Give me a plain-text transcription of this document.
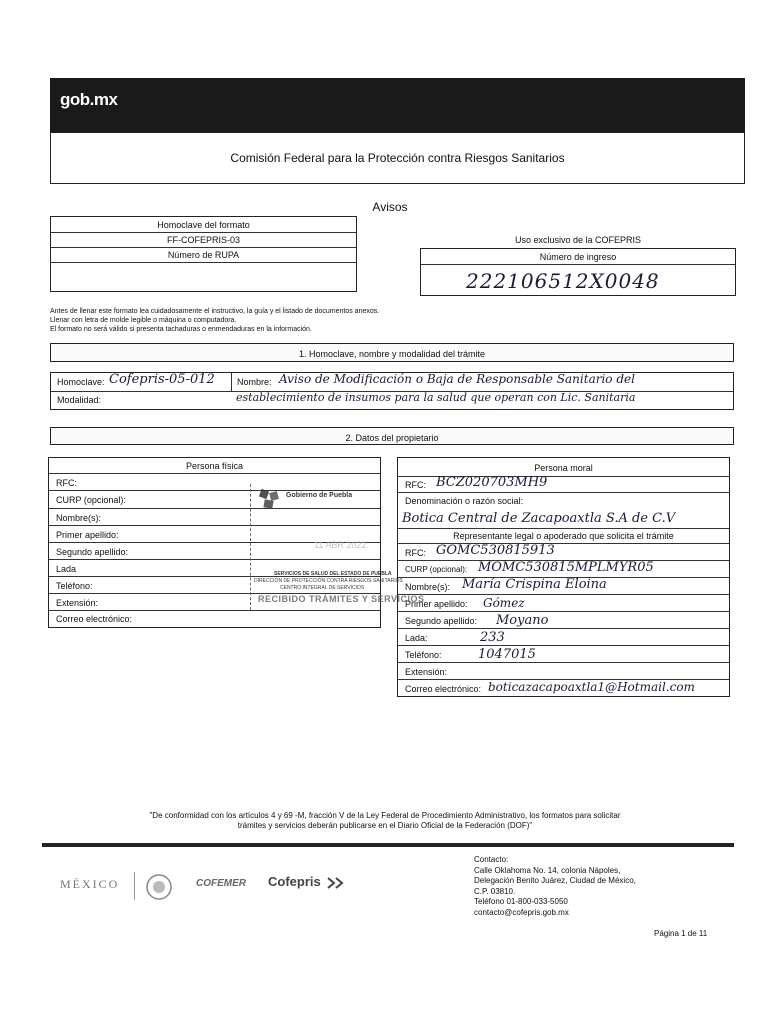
gob.mx
Comisión Federal para la Protección contra Riesgos Sanitarios
Avisos
Homoclave del formato
FF-COFEPRIS-03
Número de RUPA
Uso exclusivo de la COFEPRIS
Número de ingreso
222106512X0048
Antes de llenar este formato lea cuidadosamente el instructivo, la guía y el listado de documentos anexos.
Llenar con letra de molde legible o máquina o computadora.
El formato no será válido si presenta tachaduras o enmendaduras en la información.
1. Homoclave, nombre y modalidad del trámite
Homoclave: Cofepris-05-012 Nombre: Aviso de Modificación o Baja de Responsable Sanitario del
Modalidad:	establecimiento de insumos para la salud que operan con Lic. Sanitaria
2. Datos del propietario
Persona física
RFC:
CURP (opcional):
Nombre(s):
Primer apellido:
Segundo apellido:
Lada
Teléfono:
Extensión:
Correo electrónico:
Persona moral
RFC: BCZ020703MH9
Denominación o razón social:
Botica Central de Zacapoaxtla S.A de C.V
Representante legal o apoderado que solicita el trámite
RFC: GOMC530815913
CURP (opcional): MOMC530815MPLMYR05
Nombre(s): María Crispina Eloina
Primer apellido: Gómez
Segundo apellido: Moyano
Lada:	233
Teléfono:	1047015
Extensión:
Correo electrónico: boticazacapoaxtla1@Hotmail.com
Gobierno de Puebla
11 ABR 2022
SERVICIOS DE SALUD DEL ESTADO DE PUEBLA
DIRECCIÓN DE PROTECCIÓN CONTRA RIESGOS SANITARIOS
CENTRO INTEGRAL DE SERVICIOS
RECIBIDO TRÁMITES Y SERVICIOS
"De conformidad con los artículos 4 y 69 -M, fracción V de la Ley Federal de Procedimiento Administrativo, los formatos para solicitar
trámites y servicios deberán publicarse en el Diario Oficial de la Federación (DOF)"
MÉXICO	COFEMER Cofepris
Contacto:
Calle Oklahoma No. 14, colonia Nápoles,
Delegación Benito Juárez, Ciudad de México,
C.P. 03810.
Teléfono 01-800-033-5050
contacto@cofepris.gob.mx
Página 1 de 11
